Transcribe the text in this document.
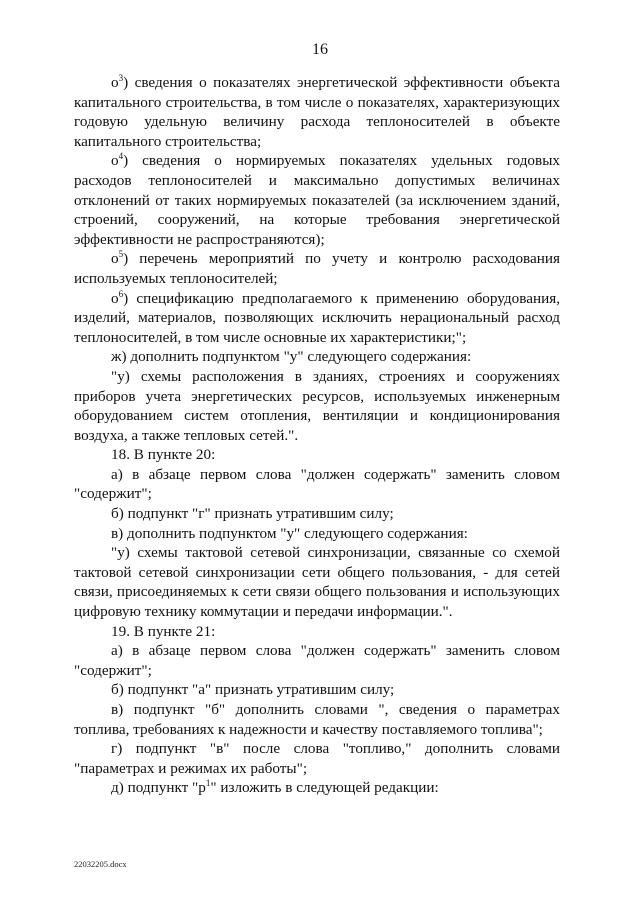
16

$о^3$) сведения о показателях энергетической эффективности объекта капитального строительства, в том числе о показателях, характеризующих годовую удельную величину расхода теплоносителей в объекте капитального строительства;

$о^4$) сведения о нормируемых показателях удельных годовых расходов теплоносителей и максимально допустимых величинах отклонений от таких нормируемых показателей (за исключением зданий, строений, сооружений, на которые требования энергетической эффективности не распространяются);

$о^5$) перечень мероприятий по учету и контролю расходования используемых теплоносителей;

$о^6$) спецификацию предполагаемого к применению оборудования, изделий, материалов, позволяющих исключить нерациональный расход теплоносителей, в том числе основные их характеристики;";

ж) дополнить подпунктом "у" следующего содержания:

"у) схемы расположения в зданиях, строениях и сооружениях приборов учета энергетических ресурсов, используемых инженерным оборудованием систем отопления, вентиляции и кондиционирования воздуха, а также тепловых сетей.".

18. В пункте 20:

а) в абзаце первом слова "должен содержать" заменить словом "содержит";

б) подпункт "г" признать утратившим силу;

в) дополнить подпунктом "у" следующего содержания:

"у) схемы тактовой сетевой синхронизации, связанные со схемой тактовой сетевой синхронизации сети общего пользования, - для сетей связи, присоединяемых к сети связи общего пользования и использующих цифровую технику коммутации и передачи информации.".

19. В пункте 21:

а) в абзаце первом слова "должен содержать" заменить словом "содержит";

б) подпункт "а" признать утратившим силу;

в) подпункт "б" дополнить словами ", сведения о параметрах топлива, требованиях к надежности и качеству поставляемого топлива";

г) подпункт "в" после слова "топливо," дополнить словами "параметрах и режимах их работы";

д) подпункт "$р^1$" изложить в следующей редакции:

22032205.docx
